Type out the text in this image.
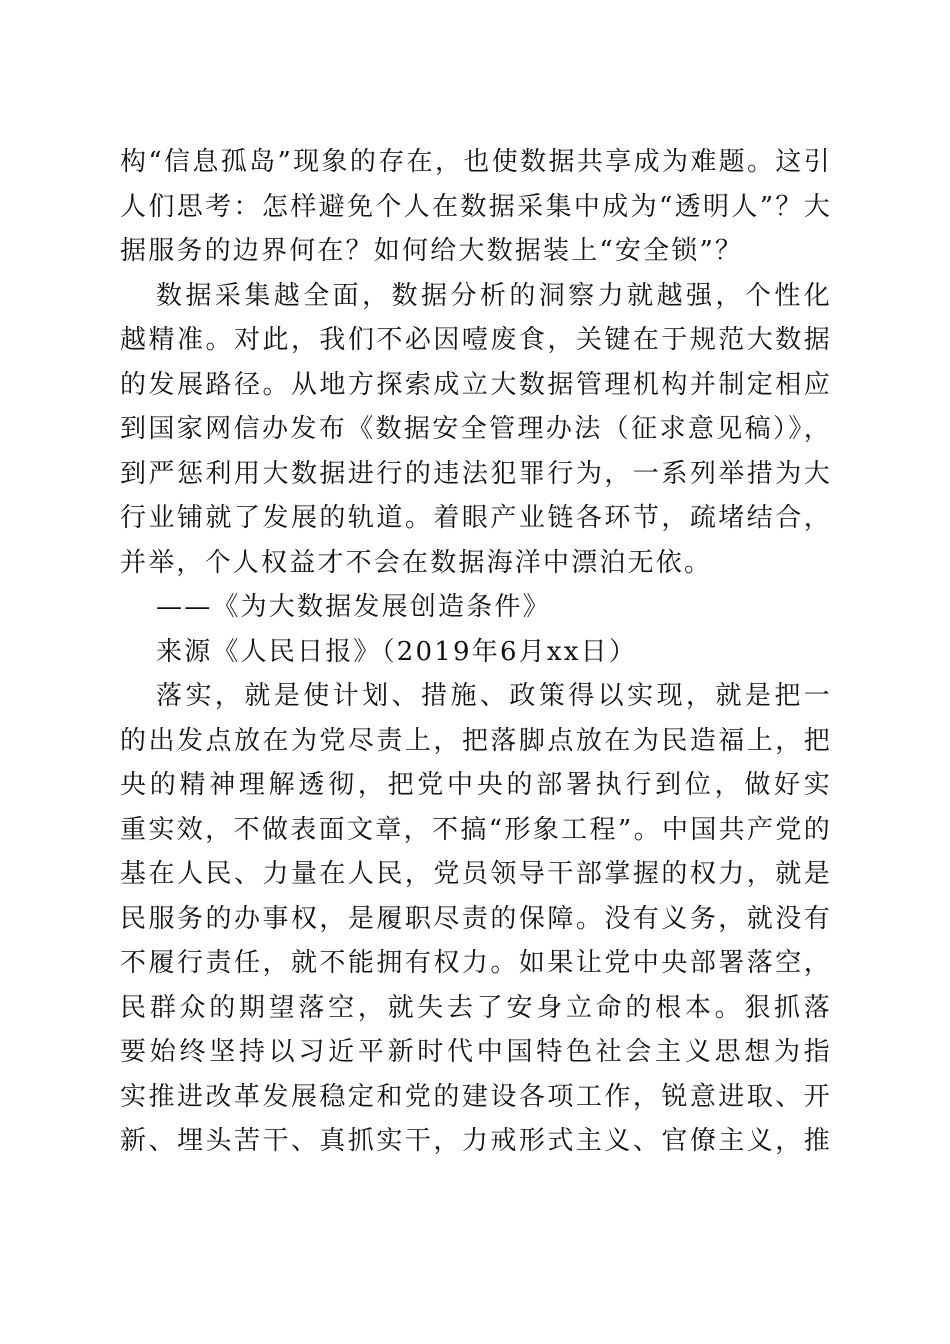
构“信息孤岛”现象的存在，也使数据共享成为难题。这引
人们思考：怎样避免个人在数据采集中成为“透明人”？大
据服务的边界何在？如何给大数据装上“安全锁”？
数据采集越全面，数据分析的洞察力就越强，个性化
越精准。对此，我们不必因噎废食，关键在于规范大数据
的发展路径。从地方探索成立大数据管理机构并制定相应
到国家网信办发布《数据安全管理办法（征求意见稿）》，
到严惩利用大数据进行的违法犯罪行为，一系列举措为大
行业铺就了发展的轨道。着眼产业链各环节，疏堵结合，
并举，个人权益才不会在数据海洋中漂泊无依。
——《为大数据发展创造条件》
来源《人民日报》（2019年6月xx日）
落实，就是使计划、措施、政策得以实现，就是把一
的出发点放在为党尽责上，把落脚点放在为民造福上，把
央的精神理解透彻，把党中央的部署执行到位，做好实
重实效，不做表面文章，不搞“形象工程”。中国共产党的
基在人民、力量在人民，党员领导干部掌握的权力，就是
民服务的办事权，是履职尽责的保障。没有义务，就没有
不履行责任，就不能拥有权力。如果让党中央部署落空，
民群众的期望落空，就失去了安身立命的根本。狠抓落
要始终坚持以习近平新时代中国特色社会主义思想为指
实推进改革发展稳定和党的建设各项工作，锐意进取、开
新、埋头苦干、真抓实干，力戒形式主义、官僚主义，推
